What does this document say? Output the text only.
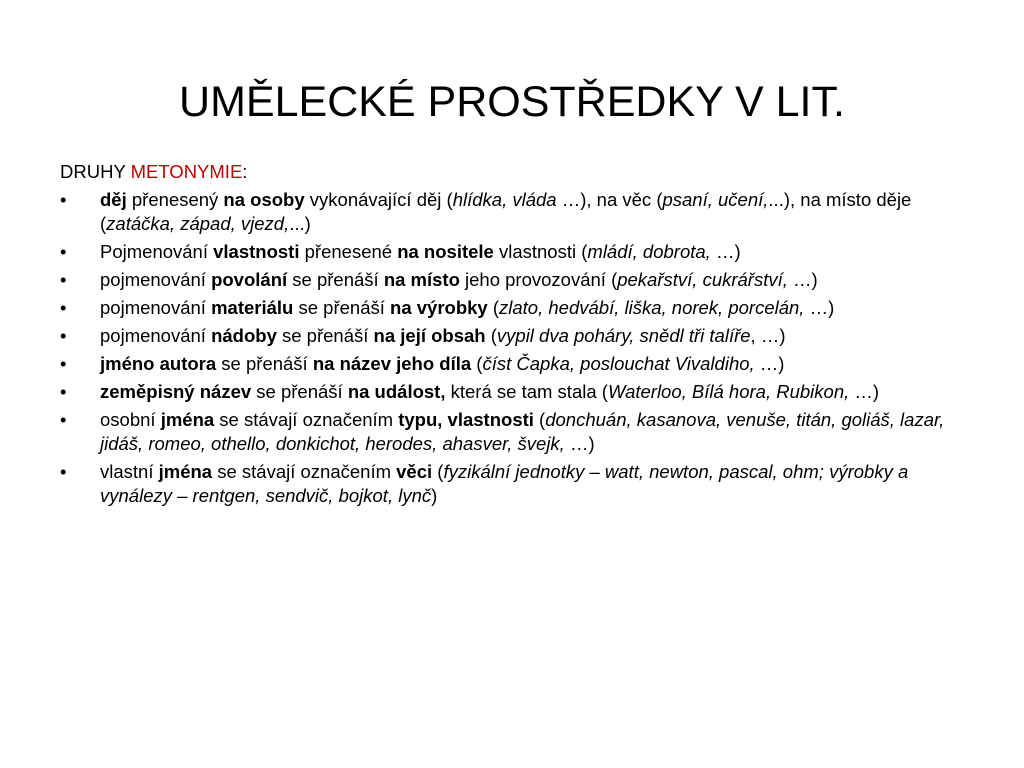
UMĚLECKÉ PROSTŘEDKY V LIT.
DRUHY METONYMIE:
•	děj přenesený na osoby vykonávající děj (hlídka, vláda …), na věc (psaní, učení,...), na místo děje (zatáčka, západ, vjezd,...)
•	Pojmenování vlastnosti přenesené na nositele vlastnosti (mládí, dobrota, …)
•	pojmenování povolání se přenáší na místo jeho provozování (pekařství, cukrářství, …)
•	pojmenování materiálu se přenáší na výrobky (zlato, hedvábí, liška, norek, porcelán, …)
•	pojmenování nádoby se přenáší na její obsah (vypil dva poháry, snědl tři talíře, …)
•	jméno autora se přenáší na název jeho díla (číst Čapka, poslouchat Vivaldiho, …)
•	zeměpisný název se přenáší na událost, která se tam stala (Waterloo, Bílá hora, Rubikon, …)
•	osobní jména se stávají označením typu, vlastnosti (donchuán, kasanova, venuše, titán, goliáš, lazar, jidáš, romeo, othello, donkichot, herodes, ahasver, švejk, …)
•	vlastní jména se stávají označením věci (fyzikální jednotky – watt, newton, pascal, ohm; výrobky a vynálezy – rentgen, sendvič, bojkot, lynč)
